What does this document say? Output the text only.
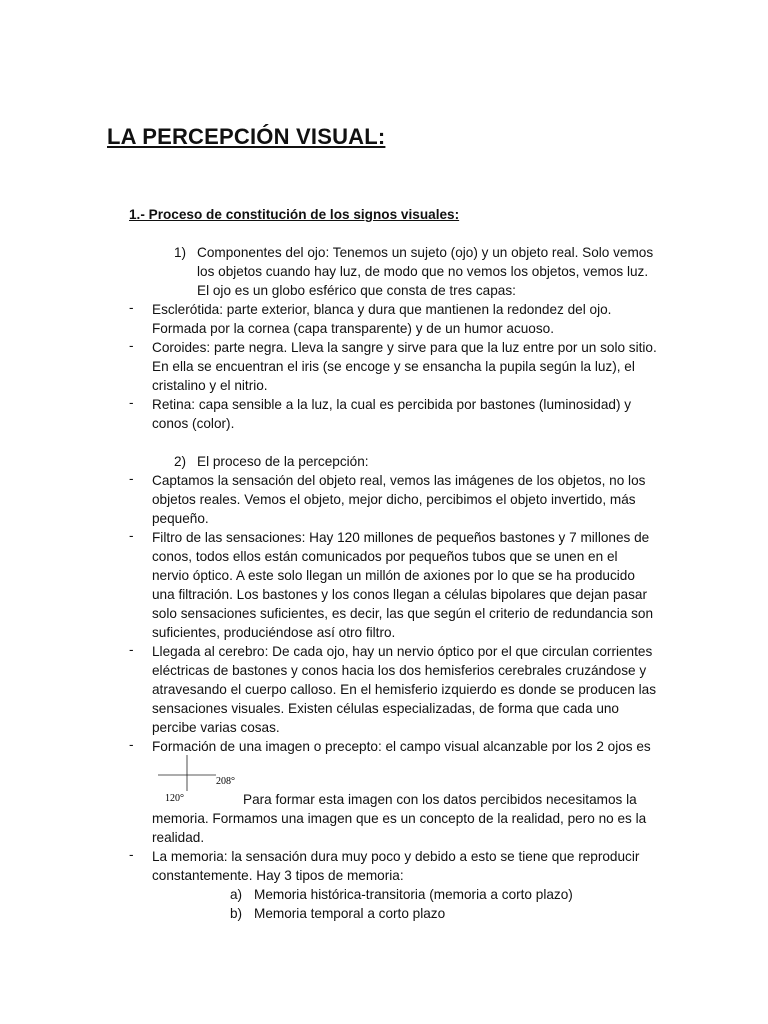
LA PERCEPCIÓN VISUAL:
1.- Proceso de constitución de los signos visuales:
1) Componentes del ojo: Tenemos un sujeto (ojo) y un objeto real. Solo vemos
los objetos cuando hay luz, de modo que no vemos los objetos, vemos luz.
El ojo es un globo esférico que consta de tres capas:
- Esclerótida: parte exterior, blanca y dura que mantienen la redondez del ojo.
Formada por la cornea (capa transparente) y de un humor acuoso.
- Coroides: parte negra. Lleva la sangre y sirve para que la luz entre por un solo sitio.
En ella se encuentran el iris (se encoge y se ensancha la pupila según la luz), el
cristalino y el nitrio.
- Retina: capa sensible a la luz, la cual es percibida por bastones (luminosidad) y
conos (color).
2) El proceso de la percepción:
- Captamos la sensación del objeto real, vemos las imágenes de los objetos, no los
objetos reales. Vemos el objeto, mejor dicho, percibimos el objeto invertido, más
pequeño.
- Filtro de las sensaciones: Hay 120 millones de pequeños bastones y 7 millones de
conos, todos ellos están comunicados por pequeños tubos que se unen en el
nervio óptico. A este solo llegan un millón de axiones por lo que se ha producido
una filtración. Los bastones y los conos llegan a células bipolares que dejan pasar
solo sensaciones suficientes, es decir, las que según el criterio de redundancia son
suficientes, produciéndose así otro filtro.
- Llegada al cerebro: De cada ojo, hay un nervio óptico por el que circulan corrientes
eléctricas de bastones y conos hacia los dos hemisferios cerebrales cruzándose y
atravesando el cuerpo calloso. En el hemisferio izquierdo es donde se producen las
sensaciones visuales. Existen células especializadas, de forma que cada uno
percibe varias cosas.
- Formación de una imagen o precepto: el campo visual alcanzable por los 2 ojos es
208°
120°	Para formar esta imagen con los datos percibidos necesitamos la
memoria. Formamos una imagen que es un concepto de la realidad, pero no es la
realidad.
- La memoria: la sensación dura muy poco y debido a esto se tiene que reproducir
constantemente. Hay 3 tipos de memoria:
a) Memoria histórica-transitoria (memoria a corto plazo)
b) Memoria temporal a corto plazo
